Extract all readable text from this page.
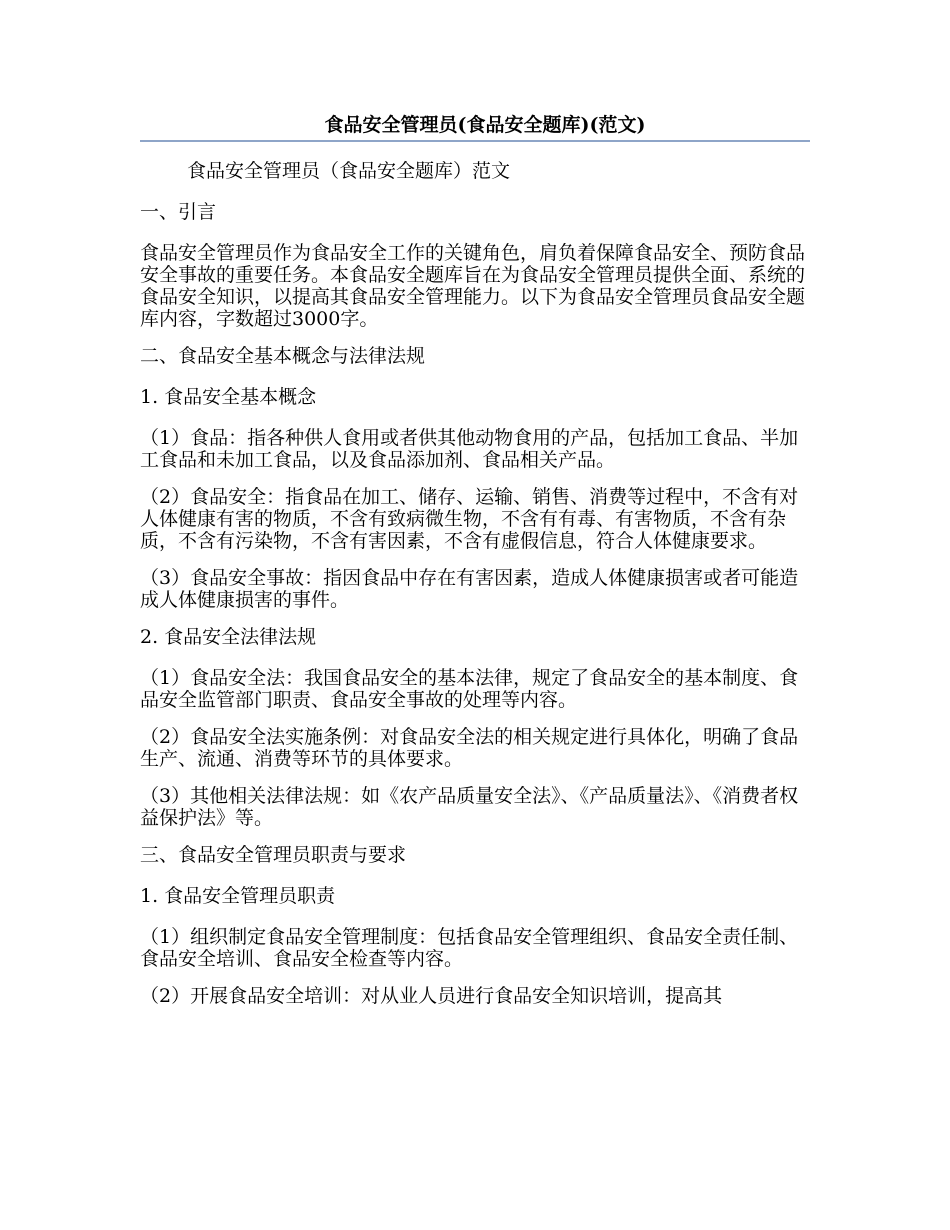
食品安全管理员(食品安全题库)(范文)

食品安全管理员（食品安全题库）范文

一、引言

食品安全管理员作为食品安全工作的关键角色，肩负着保障食品安全、预防食品安全事故的重要任务。本食品安全题库旨在为食品安全管理员提供全面、系统的食品安全知识，以提高其食品安全管理能力。以下为食品安全管理员食品安全题库内容，字数超过3000字。

二、食品安全基本概念与法律法规

1. 食品安全基本概念

（1）食品：指各种供人食用或者供其他动物食用的产品，包括加工食品、半加工食品和未加工食品，以及食品添加剂、食品相关产品。

（2）食品安全：指食品在加工、储存、运输、销售、消费等过程中，不含有对人体健康有害的物质，不含有致病微生物，不含有有毒、有害物质，不含有杂质，不含有污染物，不含有害因素，不含有虚假信息，符合人体健康要求。

（3）食品安全事故：指因食品中存在有害因素，造成人体健康损害或者可能造成人体健康损害的事件。

2. 食品安全法律法规

（1）食品安全法：我国食品安全的基本法律，规定了食品安全的基本制度、食品安全监管部门职责、食品安全事故的处理等内容。

（2）食品安全法实施条例：对食品安全法的相关规定进行具体化，明确了食品生产、流通、消费等环节的具体要求。

（3）其他相关法律法规：如《农产品质量安全法》、《产品质量法》、《消费者权益保护法》等。

三、食品安全管理员职责与要求

1. 食品安全管理员职责

（1）组织制定食品安全管理制度：包括食品安全管理组织、食品安全责任制、食品安全培训、食品安全检查等内容。

（2）开展食品安全培训：对从业人员进行食品安全知识培训，提高其
